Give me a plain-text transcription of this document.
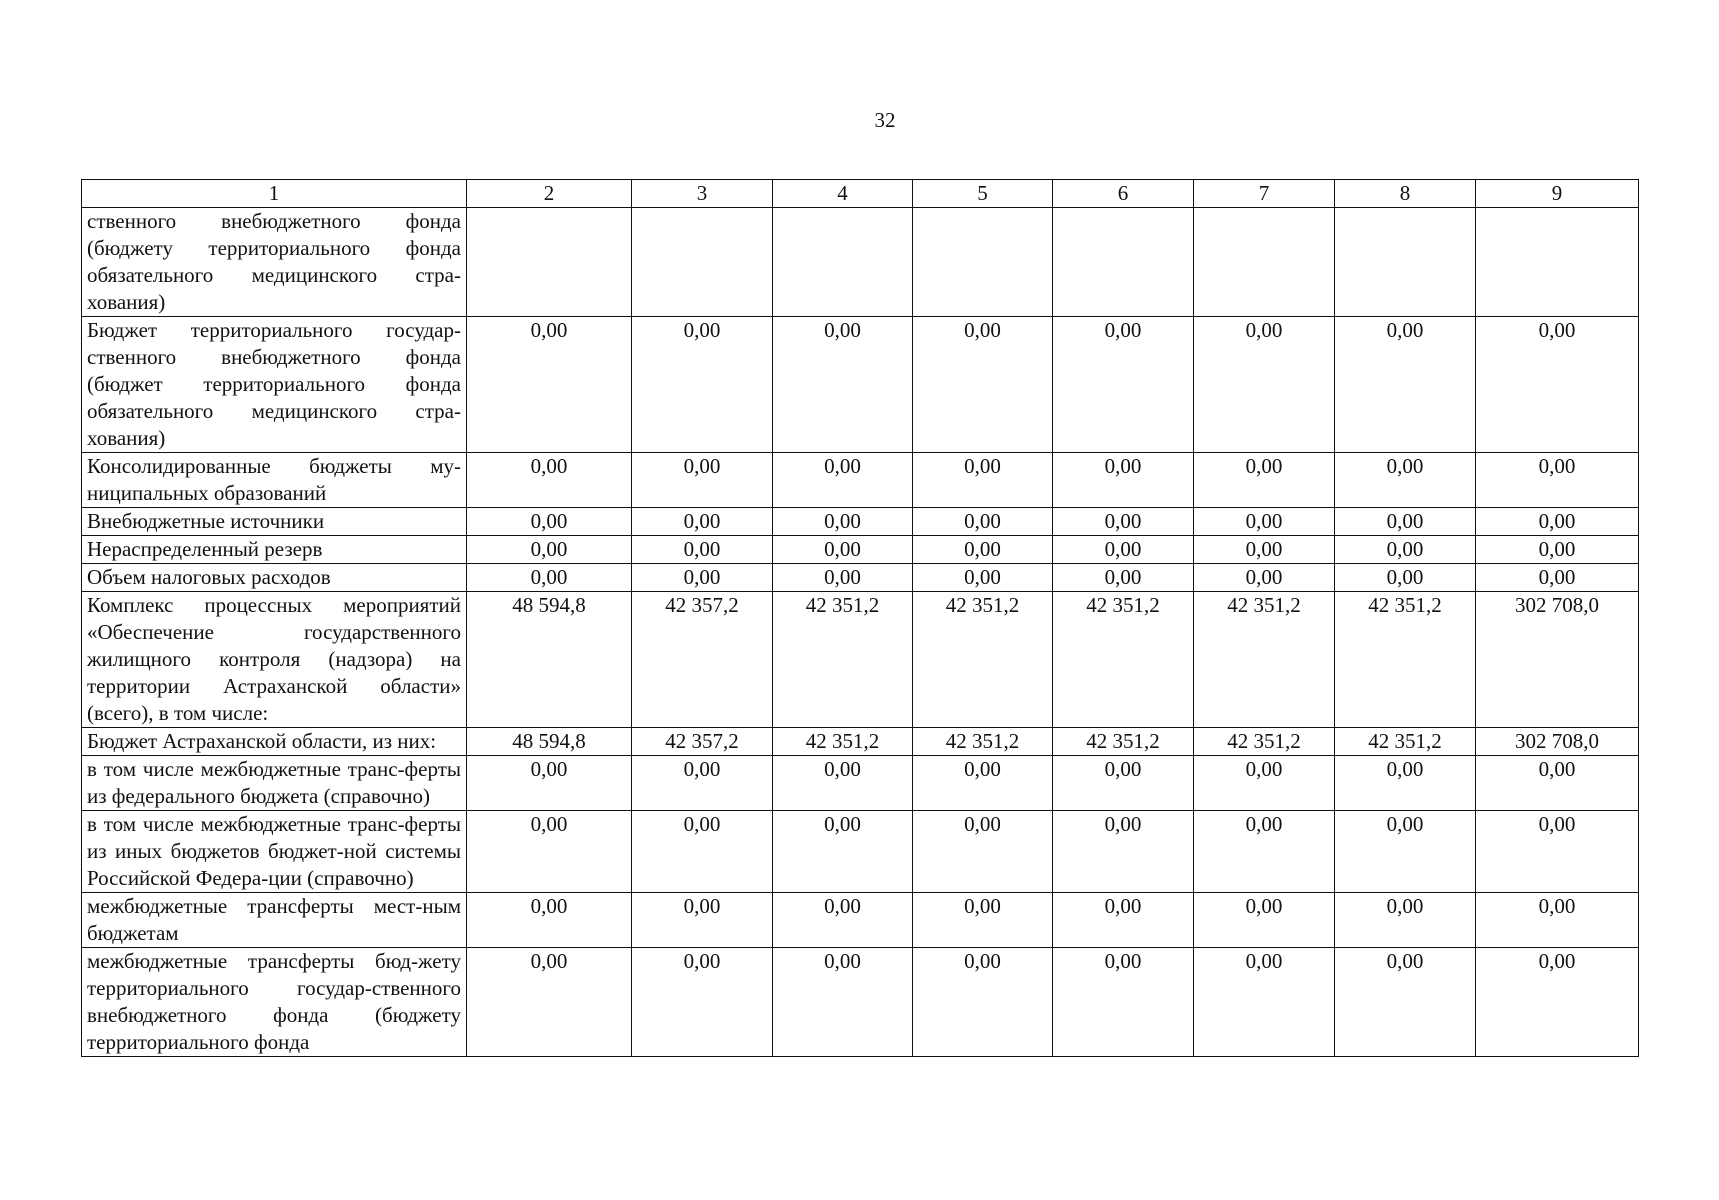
32
1	2	3	4	5	6	7	8	9
ственного внебюджетного фонда (бюджету территориального фонда обязательного медицинского стра-хования)								
Бюджет территориального государ-ственного внебюджетного фонда (бюджет территориального фонда обязательного медицинского стра-хования)	0,00	0,00	0,00	0,00	0,00	0,00	0,00	0,00
Консолидированные бюджеты му-ниципальных образований	0,00	0,00	0,00	0,00	0,00	0,00	0,00	0,00
Внебюджетные источники	0,00	0,00	0,00	0,00	0,00	0,00	0,00	0,00
Нераспределенный резерв	0,00	0,00	0,00	0,00	0,00	0,00	0,00	0,00
Объем налоговых расходов	0,00	0,00	0,00	0,00	0,00	0,00	0,00	0,00
Комплекс процессных мероприятий «Обеспечение государственного жилищного контроля (надзора) на территории Астраханской области» (всего), в том числе:	48 594,8	42 357,2	42 351,2	42 351,2	42 351,2	42 351,2	42 351,2	302 708,0
Бюджет Астраханской области, из них:	48 594,8	42 357,2	42 351,2	42 351,2	42 351,2	42 351,2	42 351,2	302 708,0
в том числе межбюджетные транс-ферты из федерального бюджета (справочно)	0,00	0,00	0,00	0,00	0,00	0,00	0,00	0,00
в том числе межбюджетные транс-ферты из иных бюджетов бюджет-ной системы Российской Федера-ции (справочно)	0,00	0,00	0,00	0,00	0,00	0,00	0,00	0,00
межбюджетные трансферты мест-ным бюджетам	0,00	0,00	0,00	0,00	0,00	0,00	0,00	0,00
межбюджетные трансферты бюд-жету территориального государ-ственного внебюджетного фонда (бюджету территориального фонда	0,00	0,00	0,00	0,00	0,00	0,00	0,00	0,00
